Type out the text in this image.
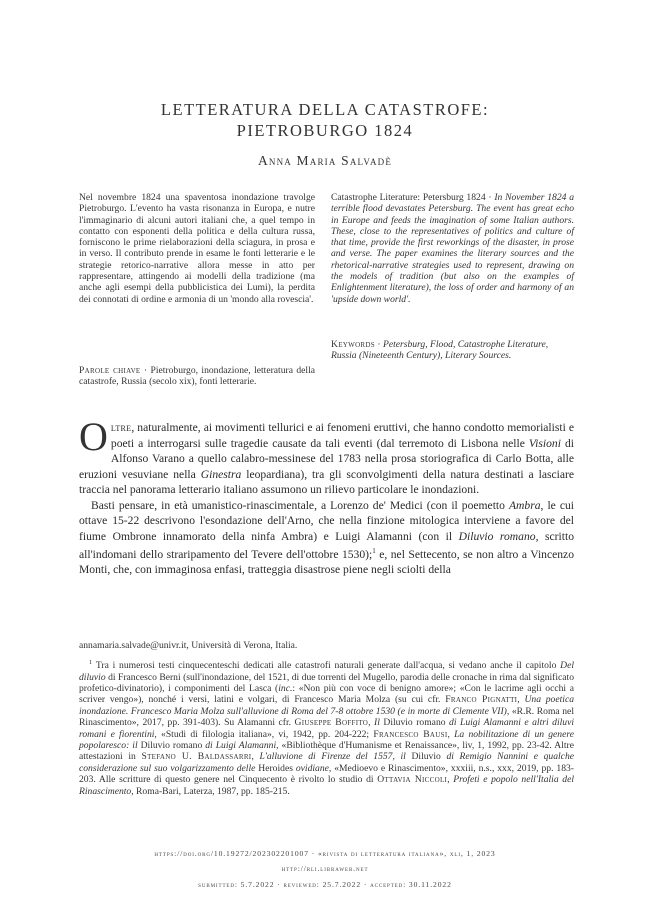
LETTERATURA DELLA CATASTROFE:
PIETROBURGO 1824
Anna Maria Salvadè
Nel novembre 1824 una spaventosa inondazione travolge Pietroburgo. L'evento ha vasta risonanza in Europa, e nutre l'immaginario di alcuni autori italiani che, a quel tempo in contatto con esponenti della politica e della cultura russa, forniscono le prime rielaborazioni della sciagura, in prosa e in verso. Il contributo prende in esame le fonti letterarie e le strategie retorico-narrative allora messe in atto per rappresentare, attingendo ai modelli della tradizione (ma anche agli esempi della pubblicistica dei Lumi), la perdita dei connotati di ordine e armonia di un 'mondo alla rovescia'.
Parole chiave · Pietroburgo, inondazione, letteratura della catastrofe, Russia (secolo xix), fonti letterarie.
Catastrophe Literature: Petersburg 1824 · In November 1824 a terrible flood devastates Petersburg. The event has great echo in Europe and feeds the imagination of some Italian authors. These, close to the representatives of politics and culture of that time, provide the first reworkings of the disaster, in prose and verse. The paper examines the literary sources and the rhetorical-narrative strategies used to represent, drawing on the models of tradition (but also on the examples of Enlightenment literature), the loss of order and harmony of an 'upside down world'.
Keywords · Petersburg, Flood, Catastrophe Literature, Russia (Nineteenth Century), Literary Sources.

Oltre, naturalmente, ai movimenti tellurici e ai fenomeni eruttivi, che hanno condotto memorialisti e poeti a interrogarsi sulle tragedie causate da tali eventi (dal terremoto di Lisbona nelle Visioni di Alfonso Varano a quello calabro-messinese del 1783 nella prosa storiografica di Carlo Botta, alle eruzioni vesuviane nella Ginestra leopardiana), tra gli sconvolgimenti della natura destinati a lasciare traccia nel panorama letterario italiano assumono un rilievo particolare le inondazioni.

Basti pensare, in età umanistico-rinascimentale, a Lorenzo de' Medici (con il poemetto Ambra, le cui ottave 15-22 descrivono l'esondazione dell'Arno, che nella finzione mitologica interviene a favore del fiume Ombrone innamorato della ninfa Ambra) e Luigi Alamanni (con il Diluvio romano, scritto all'indomani dello straripamento del Tevere dell'ottobre 1530);$^1$ e, nel Settecento, se non altro a Vincenzo Monti, che, con immaginosa enfasi, tratteggia disastrose piene negli sciolti della

annamaria.salvade@univr.it, Università di Verona, Italia.

$^1$ Tra i numerosi testi cinquecenteschi dedicati alle catastrofi naturali generate dall'acqua, si vedano anche il capitolo Del diluvio di Francesco Berni (sull'inondazione, del 1521, di due torrenti del Mugello, parodia delle cronache in rima dal significato profetico-divinatorio), i componimenti del Lasca (inc.: «Non più con voce di benigno amore»; «Con le lacrime agli occhi a scriver vengo»), nonché i versi, latini e volgari, di Francesco Maria Molza (su cui cfr. Franco Pignatti, Una poetica inondazione. Francesco Maria Molza sull'alluvione di Roma del 7-8 ottobre 1530 (e in morte di Clemente VII), «R.R. Roma nel Rinascimento», 2017, pp. 391-403). Su Alamanni cfr. Giuseppe Boffito, Il Diluvio romano di Luigi Alamanni e altri diluvi romani e fiorentini, «Studi di filologia italiana», vi, 1942, pp. 204-222; Francesco Bausi, La nobilitazione di un genere popolaresco: il Diluvio romano di Luigi Alamanni, «Bibliothèque d'Humanisme et Renaissance», liv, 1, 1992, pp. 23-42. Altre attestazioni in Stefano U. Baldassarri, L'alluvione di Firenze del 1557, il Diluvio di Remigio Nannini e qualche considerazione sul suo volgarizzamento delle Heroides ovidiane, «Medioevo e Rinascimento», xxxiii, n.s., xxx, 2019, pp. 183-203. Alle scritture di questo genere nel Cinquecento è rivolto lo studio di Ottavia Niccoli, Profeti e popolo nell'Italia del Rinascimento, Roma-Bari, Laterza, 1987, pp. 185-215.

https://doi.org/10.19272/202302201007 · «rivista di letteratura italiana», xli, 1, 2023
http://rli.libraweb.net
submitted: 5.7.2022 · reviewed: 25.7.2022 · accepted: 30.11.2022
